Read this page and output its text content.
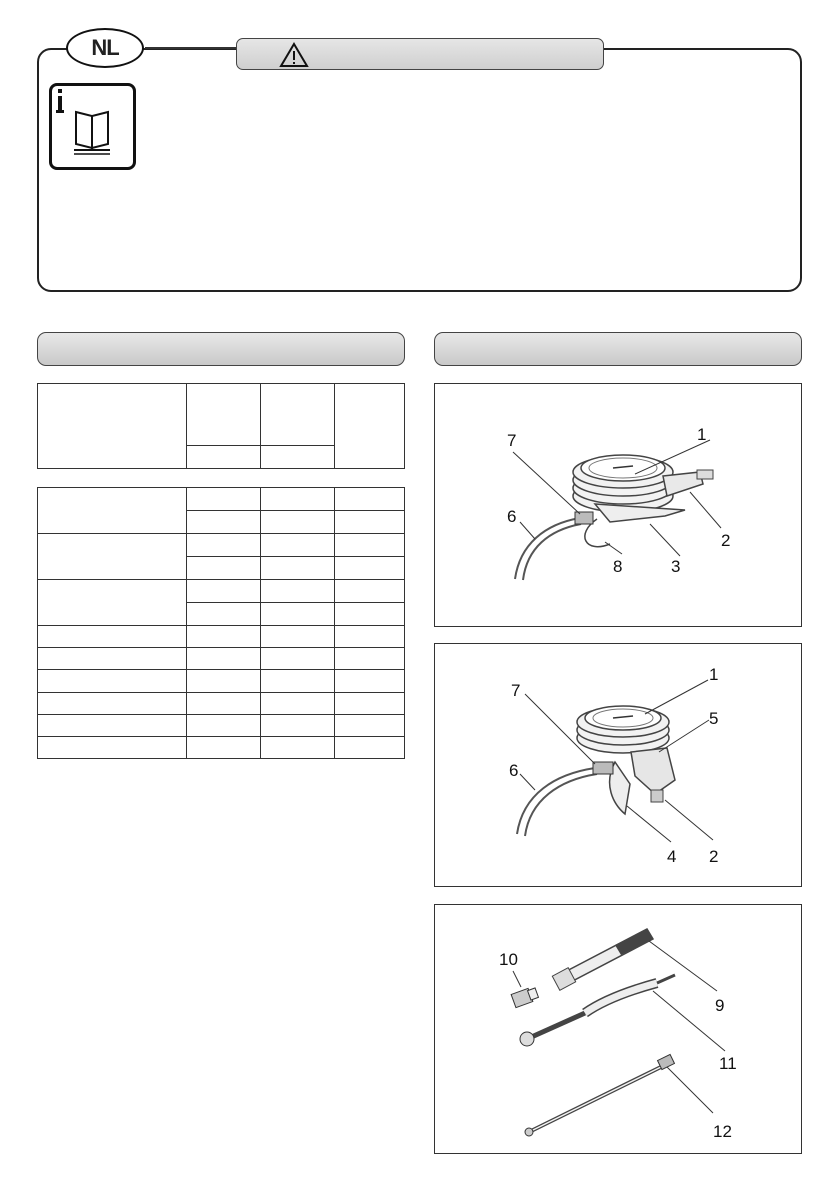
NL

1
2
3
6
7
8
1
5
7
6
4 2
10
9
11
12
